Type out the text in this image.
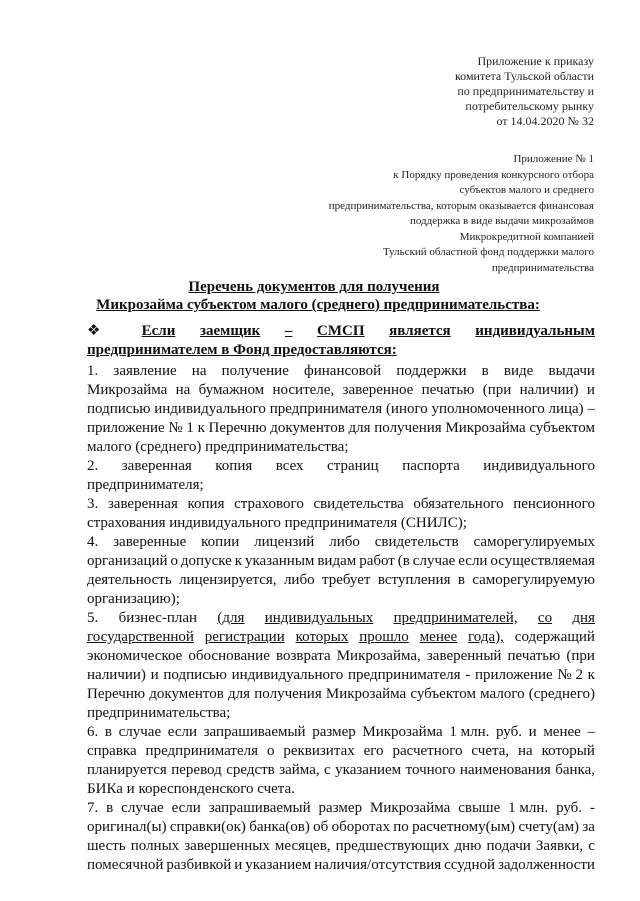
Приложение к приказу
комитета Тульской области
по предпринимательству и
потребительскому рынку
от 14.04.2020 № 32
Приложение № 1
к Порядку проведения конкурсного отбора
субъектов малого и среднего
предпринимательства, которым оказывается финансовая
поддержка в виде выдачи микрозаймов
Микрокредитной компанией
Тульский областной фонд поддержки малого
предпринимательства
Перечень документов для получения
Микрозайма субъектом малого (среднего) предпринимательства:
❖	Если заемщик – СМСП является индивидуальным
предпринимателем в Фонд предоставляются:
1. заявление на получение финансовой поддержки в виде выдачи
Микрозайма на бумажном носителе, заверенное печатью (при наличии) и
подписью индивидуального предпринимателя (иного уполномоченного лица) –
приложение № 1 к Перечню документов для получения Микрозайма субъектом
малого (среднего) предпринимательства;
2. заверенная копия всех страниц паспорта индивидуального
предпринимателя;
3. заверенная копия страхового свидетельства обязательного пенсионного
страхования индивидуального предпринимателя (СНИЛС);
4. заверенные копии лицензий либо свидетельств саморегулируемых
организаций о допуске к указанным видам работ (в случае если осуществляемая
деятельность лицензируется, либо требует вступления в саморегулируемую
организацию);
5. бизнес-план (для индивидуальных предпринимателей, со дня
государственной регистрации которых прошло менее года), содержащий
экономическое обоснование возврата Микрозайма, заверенный печатью (при
наличии) и подписью индивидуального предпринимателя - приложение № 2 к
Перечню документов для получения Микрозайма субъектом малого (среднего)
предпринимательства;
6. в случае если запрашиваемый размер Микрозайма 1 млн. руб. и менее –
справка предпринимателя о реквизитах его расчетного счета, на который
планируется перевод средств займа, с указанием точного наименования банка,
БИКа и кореспонденского счета.
7. в случае если запрашиваемый размер Микрозайма свыше 1 млн. руб. -
оригинал(ы) справки(ок) банка(ов) об оборотах по расчетному(ым) счету(ам) за
шесть полных завершенных месяцев, предшествующих дню подачи Заявки, с
помесячной разбивкой и указанием наличия/отсутствия ссудной задолженности
